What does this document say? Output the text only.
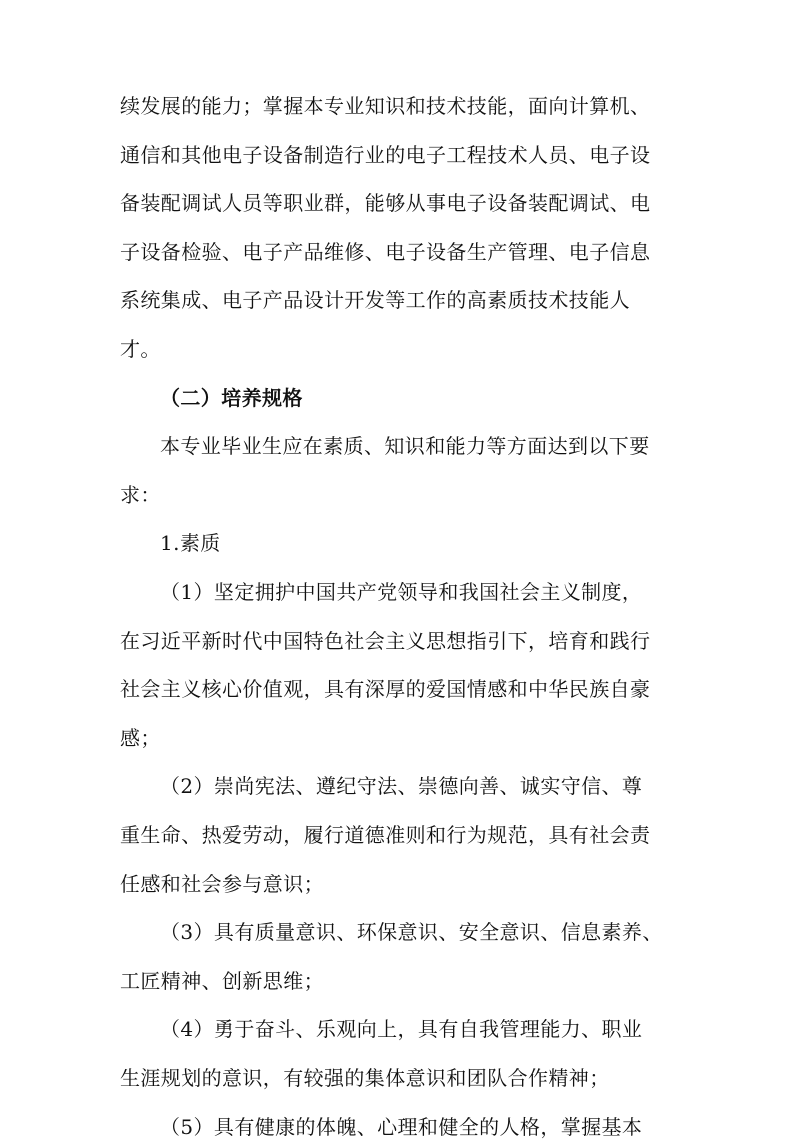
续发展的能力；掌握本专业知识和技术技能，面向计算机、
通信和其他电子设备制造行业的电子工程技术人员、电子设
备装配调试人员等职业群，能够从事电子设备装配调试、电
子设备检验、电子产品维修、电子设备生产管理、电子信息
系统集成、电子产品设计开发等工作的高素质技术技能人
才。
（二）培养规格
本专业毕业生应在素质、知识和能力等方面达到以下要
求：
1.素质
（1）坚定拥护中国共产党领导和我国社会主义制度，
在习近平新时代中国特色社会主义思想指引下，培育和践行
社会主义核心价值观，具有深厚的爱国情感和中华民族自豪
感；
（2）崇尚宪法、遵纪守法、崇德向善、诚实守信、尊
重生命、热爱劳动，履行道德准则和行为规范，具有社会责
任感和社会参与意识；
（3）具有质量意识、环保意识、安全意识、信息素养、
工匠精神、创新思维；
（4）勇于奋斗、乐观向上，具有自我管理能力、职业
生涯规划的意识，有较强的集体意识和团队合作精神；
（5）具有健康的体魄、心理和健全的人格，掌握基本
